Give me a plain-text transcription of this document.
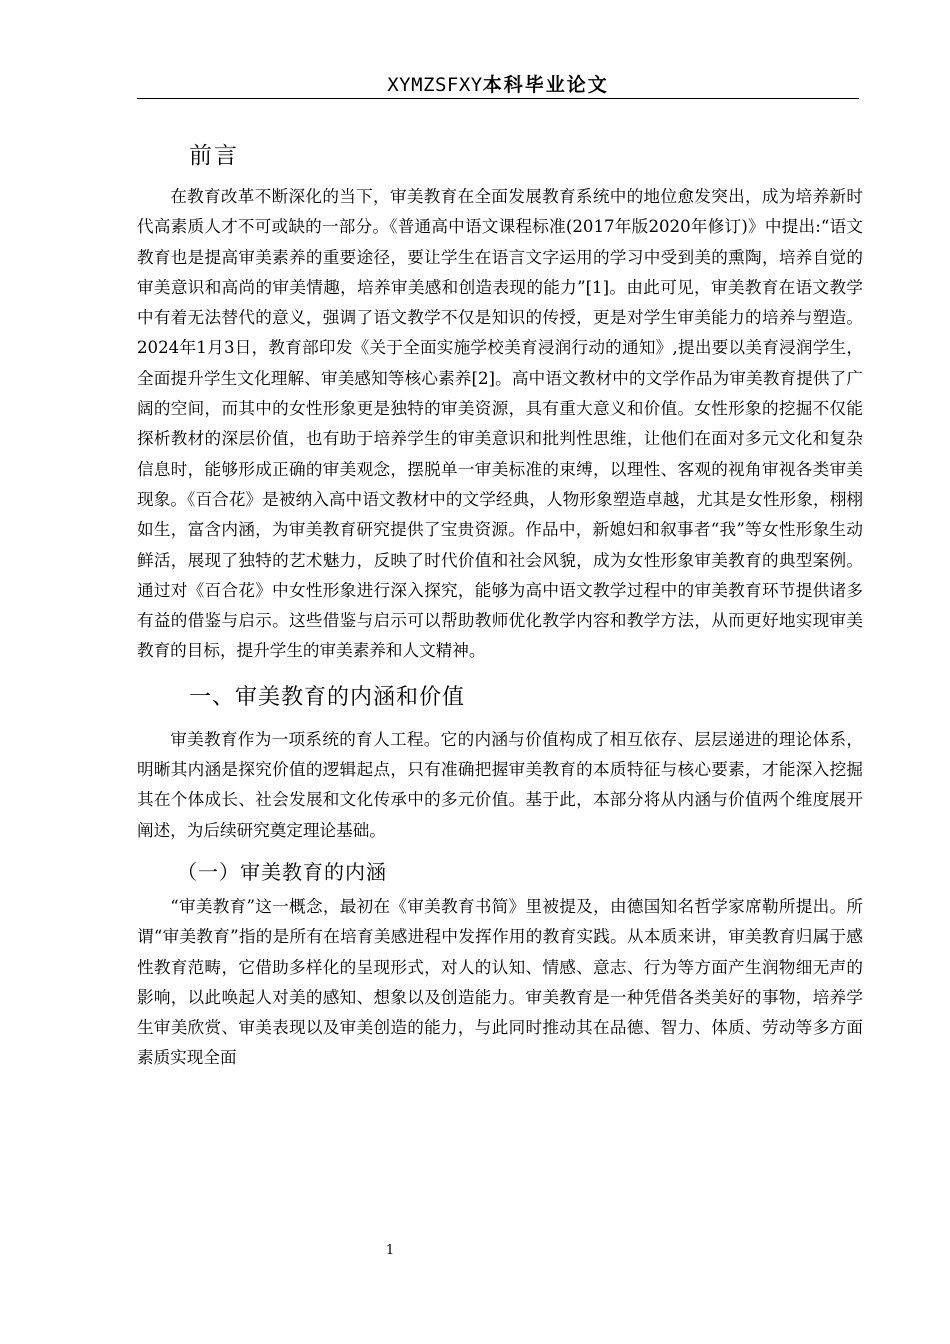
XYMZSFXY本科毕业论文
前言

在教育改革不断深化的当下，审美教育在全面发展教育系统中的地位愈发突出，成为培养新时代高素质人才不可或缺的一部分。《普通高中语文课程标准(2017年版2020年修订)》中提出:“语文教育也是提高审美素养的重要途径，要让学生在语言文字运用的学习中受到美的熏陶，培养自觉的审美意识和高尚的审美情趣，培养审美感和创造表现的能力”[1]。由此可见，审美教育在语文教学中有着无法替代的意义，强调了语文教学不仅是知识的传授，更是对学生审美能力的培养与塑造。2024年1月3日，教育部印发《关于全面实施学校美育浸润行动的通知》,提出要以美育浸润学生，全面提升学生文化理解、审美感知等核心素养[2]。高中语文教材中的文学作品为审美教育提供了广阔的空间，而其中的女性形象更是独特的审美资源，具有重大意义和价值。女性形象的挖掘不仅能探析教材的深层价值，也有助于培养学生的审美意识和批判性思维，让他们在面对多元文化和复杂信息时，能够形成正确的审美观念，摆脱单一审美标准的束缚，以理性、客观的视角审视各类审美现象。《百合花》是被纳入高中语文教材中的文学经典，人物形象塑造卓越，尤其是女性形象，栩栩如生，富含内涵，为审美教育研究提供了宝贵资源。作品中，新媳妇和叙事者“我”等女性形象生动鲜活，展现了独特的艺术魅力，反映了时代价值和社会风貌，成为女性形象审美教育的典型案例。通过对《百合花》中女性形象进行深入探究，能够为高中语文教学过程中的审美教育环节提供诸多有益的借鉴与启示。这些借鉴与启示可以帮助教师优化教学内容和教学方法，从而更好地实现审美教育的目标，提升学生的审美素养和人文精神。

一、审美教育的内涵和价值

审美教育作为一项系统的育人工程。它的内涵与价值构成了相互依存、层层递进的理论体系，明晰其内涵是探究价值的逻辑起点，只有准确把握审美教育的本质特征与核心要素，才能深入挖掘其在个体成长、社会发展和文化传承中的多元价值。基于此，本部分将从内涵与价值两个维度展开阐述，为后续研究奠定理论基础。

（一）审美教育的内涵

“审美教育”这一概念，最初在《审美教育书简》里被提及，由德国知名哲学家席勒所提出。所谓“审美教育”指的是所有在培育美感进程中发挥作用的教育实践。从本质来讲，审美教育归属于感性教育范畴，它借助多样化的呈现形式，对人的认知、情感、意志、行为等方面产生润物细无声的影响，以此唤起人对美的感知、想象以及创造能力。审美教育是一种凭借各类美好的事物，培养学生审美欣赏、审美表现以及审美创造的能力，与此同时推动其在品德、智力、体质、劳动等多方面素质实现全面

1
